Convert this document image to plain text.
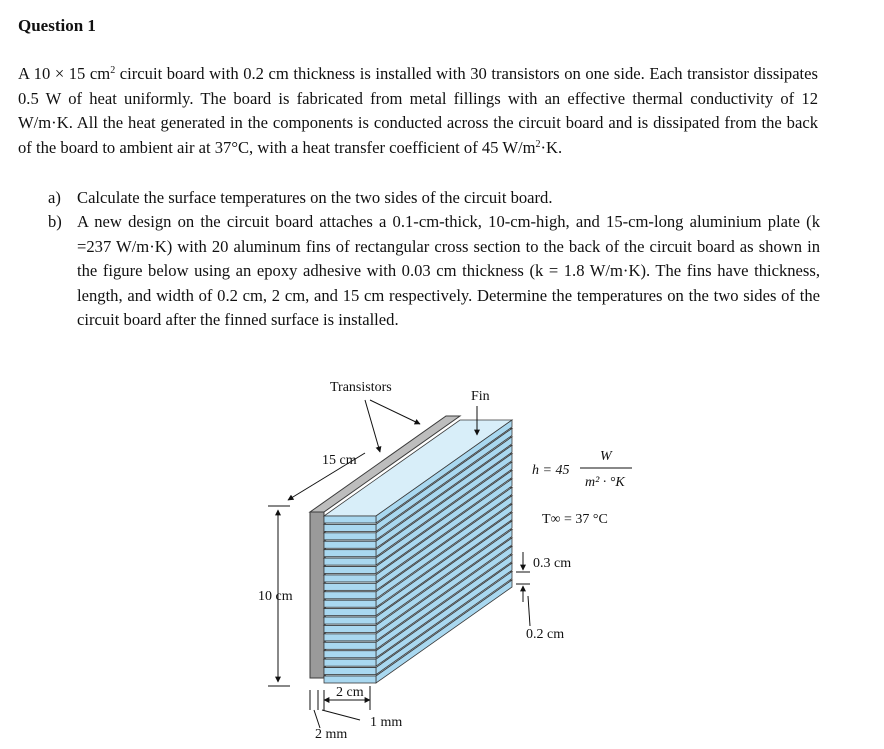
Question 1
A 10 × 15 $cm^2$ circuit board with 0.2 cm thickness is installed with 30 transistors on one side. Each transistor dissipates 0.5 W of heat uniformly. The board is fabricated from metal fillings with an effective thermal conductivity of 12 W/m·K. All the heat generated in the components is conducted across the circuit board and is dissipated from the back of the board to ambient air at 37°C, with a heat transfer coefficient of 45 $W/m^2\cdot K$.
a) Calculate the surface temperatures on the two sides of the circuit board.
b) A new design on the circuit board attaches a 0.1-cm-thick, 10-cm-high, and 15-cm-long aluminium plate (k =237 W/m·K) with 20 aluminum fins of rectangular cross section to the back of the circuit board as shown in the figure below using an epoxy adhesive with 0.03 cm thickness (k = 1.8 W/m·K). The fins have thickness, length, and width of 0.2 cm, 2 cm, and 15 cm respectively. Determine the temperatures on the two sides of the circuit board after the finned surface is installed.
Transistors
Fin
15 cm
10 cm
h = 45
W
m² · °K
T∞ = 37 °C
0.3 cm
0.2 cm
2 cm
1 mm
2 mm
